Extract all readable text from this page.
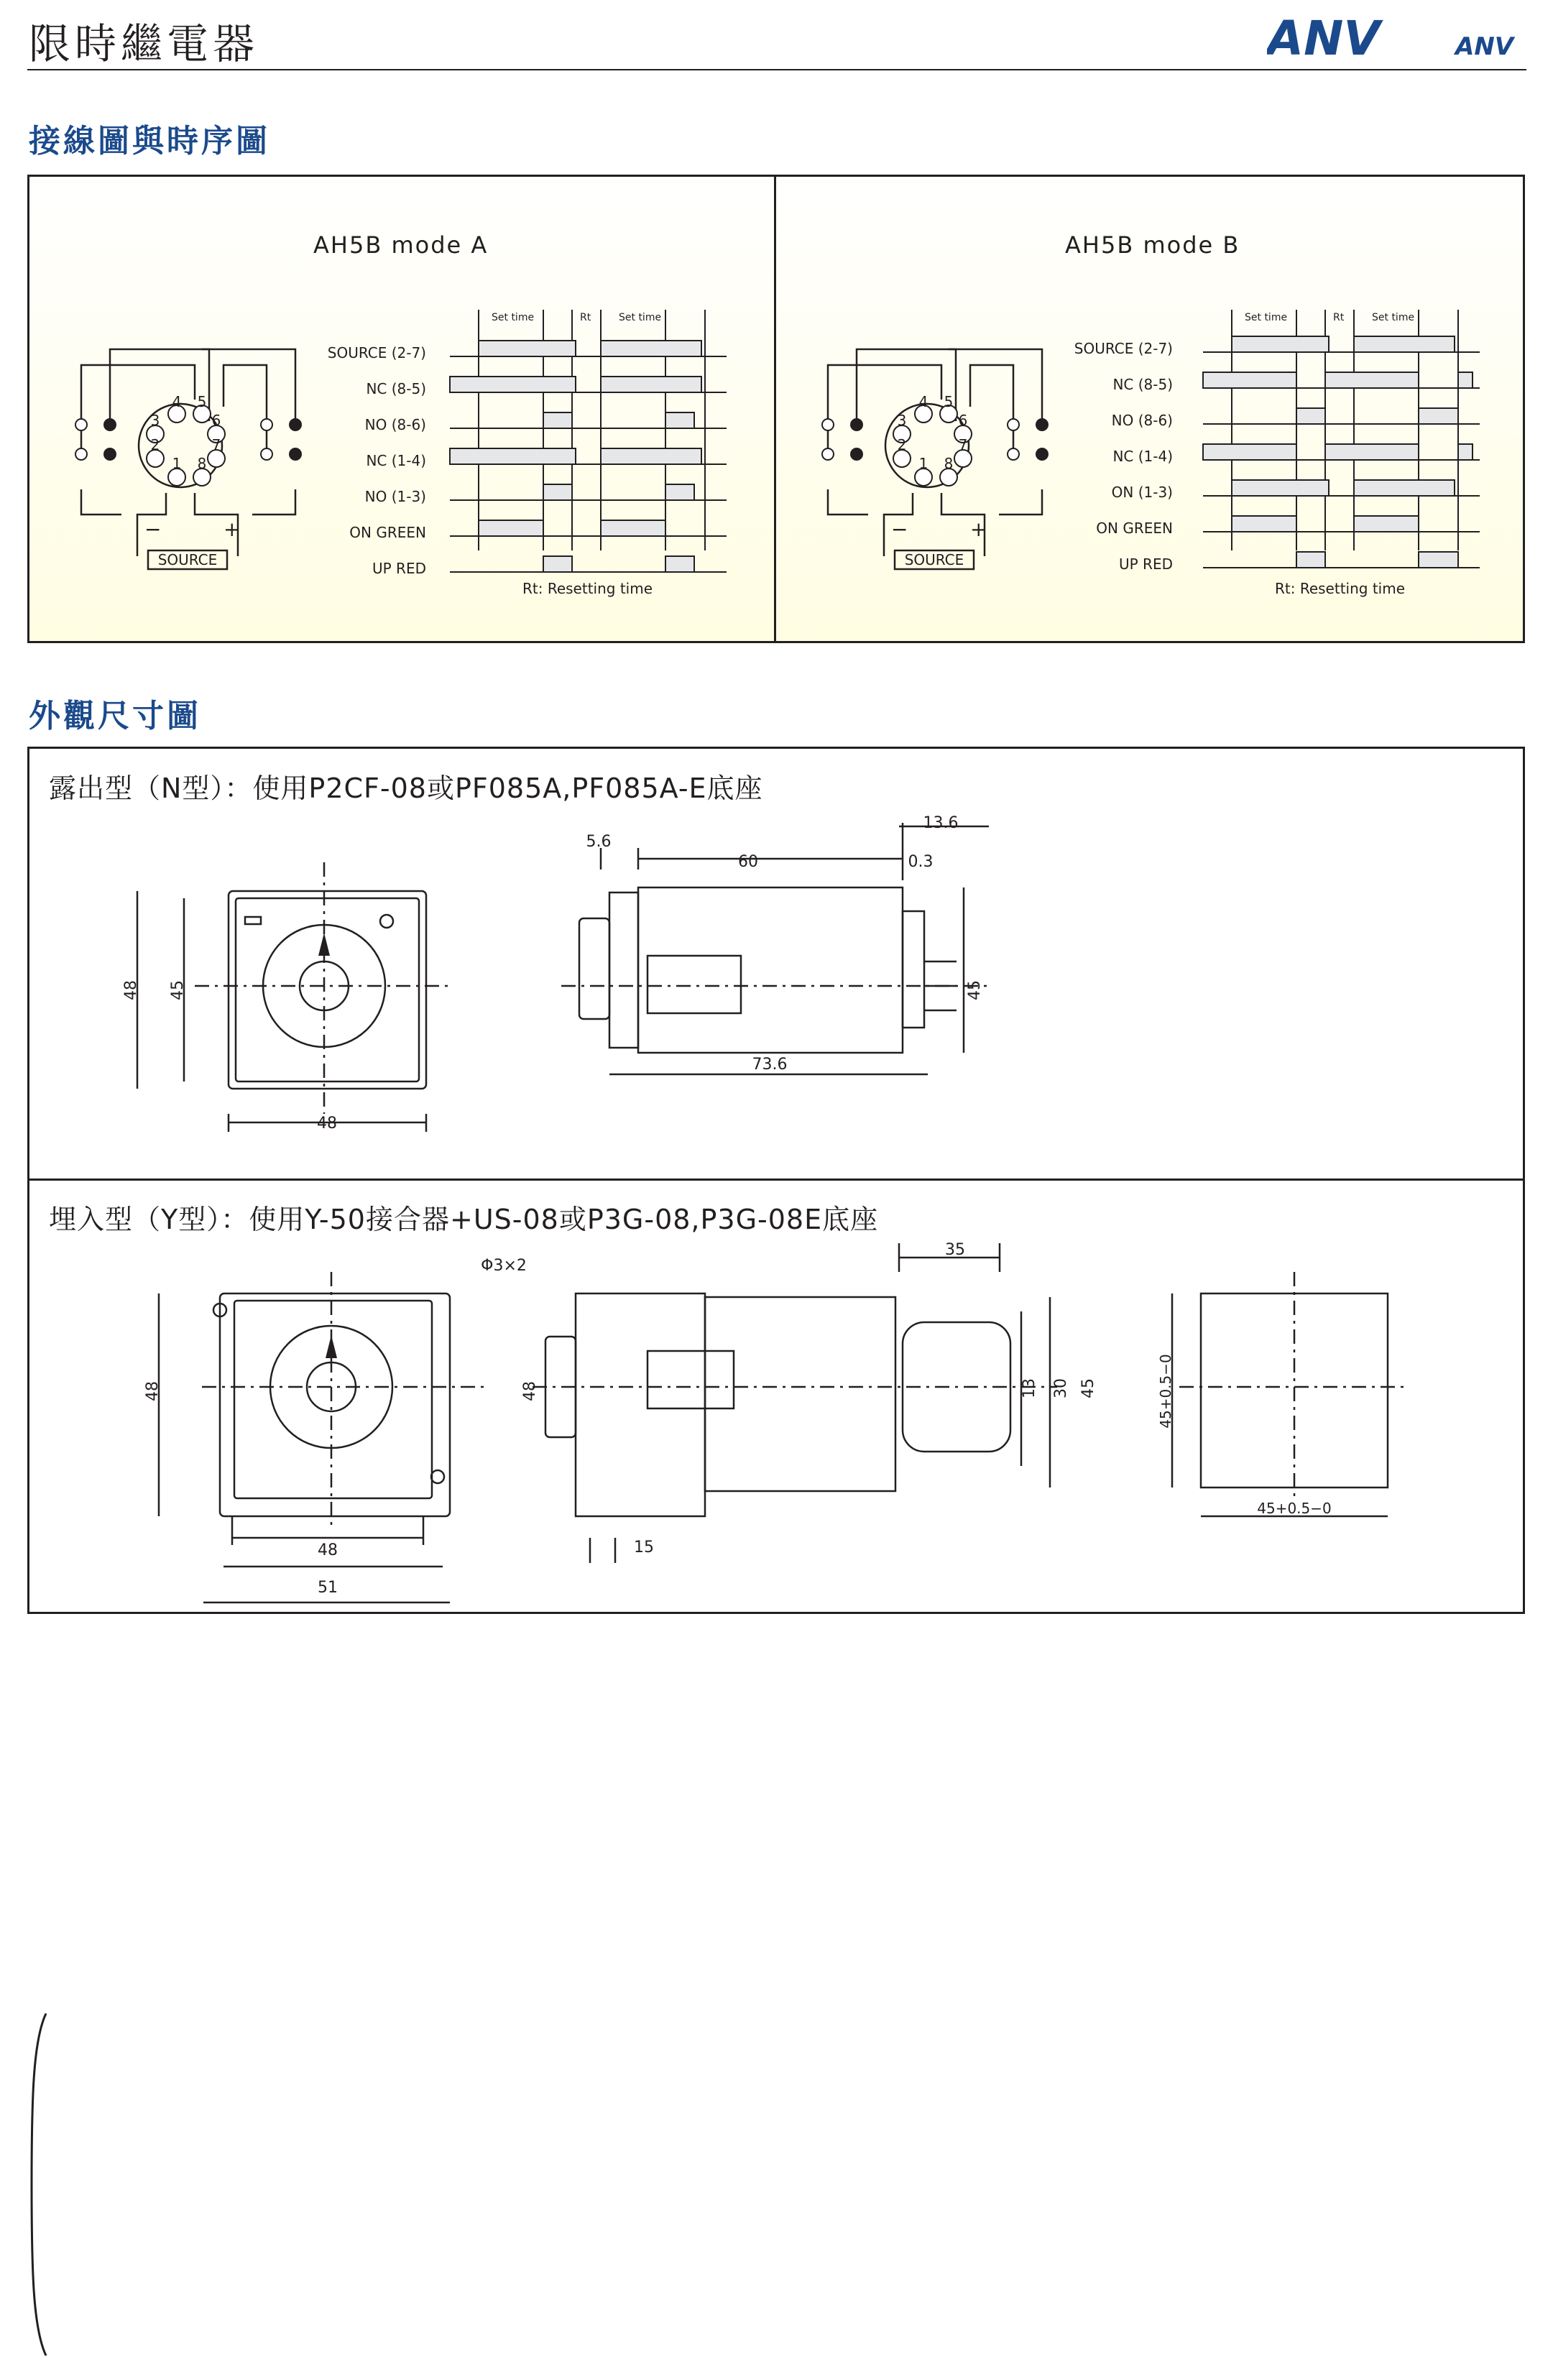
限時繼電器	ANV	ANV
接線圖與時序圖
AH5B mode A
8
1
2
3
4 5
6
7
SOURCE
−	+
Set time	Rt	Set time
SOURCE (2-7)
NC (8-5)
NO (8-6)
NC (1-4)
NO (1-3)
ON GREEN
UP RED
Rt: Resetting time
AH5B mode B
8
1
2
3
4 5
6
7
SOURCE
−	+
Set time	Rt	Set time
SOURCE (2-7)
NC (8-5)
NO (8-6)
NC (1-4)
ON (1-3)
ON GREEN
UP RED
Rt: Resetting time
外觀尺寸圖
露出型（N型）：使用P2CF-08或PF085A,PF085A-E底座
埋入型（Y型）：使用Y-50接合器+US-08或P3G-08,P3G-08E底座
48 45
48
13.6
5.6
60	0.3
45
73.6
Φ3×2
48
48
51
35
48	13 30 45
15
45+0.5−0
45+0.5−0
